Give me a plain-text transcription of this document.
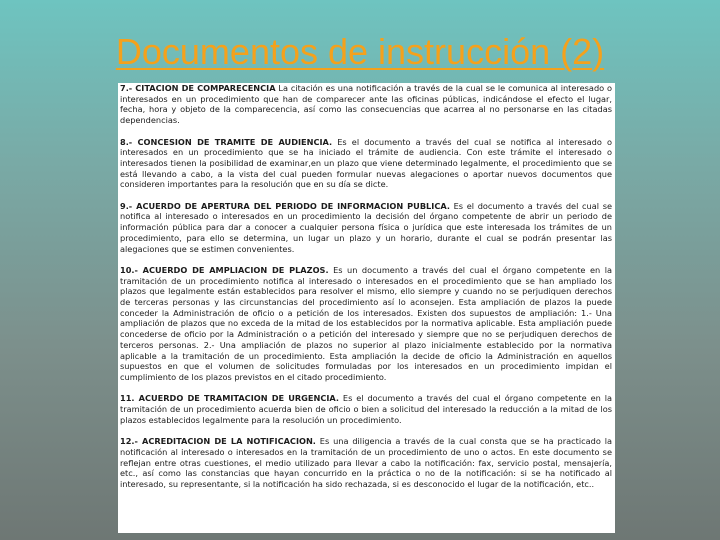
Documentos de instrucción (2)

7.- CITACION DE COMPARECENCIA La citación es una notificación a través de la cual se le comunica al interesado o interesados en un procedimiento que han de comparecer ante las oficinas públicas, indicándose el efecto el lugar, fecha, hora y objeto de la comparecencia, así como las consecuencias que acarrea al no personarse en las citadas dependencias.

8.- CONCESION DE TRAMITE DE AUDIENCIA. Es el documento a través del cual se notifica al interesado o interesados en un procedimiento que se ha iniciado el trámite de audiencia. Con este trámite el interesado o interesados tienen la posibilidad de examinar,en un plazo que viene determinado legalmente, el procedimiento que se está llevando a cabo, a la vista del cual pueden formular nuevas alegaciones o aportar nuevos documentos que consideren importantes para la resolución que en su día se dicte.

9.- ACUERDO DE APERTURA DEL PERIODO DE INFORMACION PUBLICA. Es el documento a través del cual se notifica al interesado o interesados en un procedimiento la decisión del órgano competente de abrir un periodo de información pública para dar a conocer a cualquier persona física o jurídica que este interesada los trámites de un procedimiento, para ello se determina, un lugar un plazo y un horario, durante el cual se podrán presentar las alegaciones que se estimen convenientes.

10.- ACUERDO DE AMPLIACION DE PLAZOS. Es un documento a través del cual el órgano competente en la tramitación de un procedimiento notifica al interesado o interesados en el procedimiento que se han ampliado los plazos que legalmente están establecidos para resolver el mismo, ello siempre y cuando no se perjudiquen derechos de terceras personas y las circunstancias del procedimiento así lo aconsejen. Esta ampliación de plazos la puede conceder la Administración de oficio o a petición de los interesados. Existen dos supuestos de ampliación: 1.- Una ampliación de plazos que no exceda de la mitad de los establecidos por la normativa aplicable. Esta ampliación puede concederse de oficio por la Administración o a petición del interesado y siempre que no se perjudiquen derechos de terceros personas. 2.- Una ampliación de plazos no superior al plazo inicialmente establecido por la normativa aplicable a la tramitación de un procedimiento. Esta ampliación la decide de oficio la Administración en aquellos supuestos en que el volumen de solicitudes formuladas por los interesados en un procedimiento impidan el cumplimiento de los plazos previstos en el citado procedimiento.

11. ACUERDO DE TRAMITACION DE URGENCIA. Es el documento a través del cual el órgano competente en la tramitación de un procedimiento acuerda bien de oficio o bien a solicitud del interesado la reducción a la mitad de los plazos establecidos legalmente para la resolución un procedimiento.

12.- ACREDITACION DE LA NOTIFICACION. Es una diligencia a través de la cual consta que se ha practicado la notificación al interesado o interesados en la tramitación de un procedimiento de uno o actos. En este documento se reflejan entre otras cuestiones, el medio utilizado para llevar a cabo la notificación: fax, servicio postal, mensajería, etc., así como las constancias que hayan concurrido en la práctica o no de la notificación: si se ha notificado al interesado, su representante, si la notificación ha sido rechazada, si es desconocido el lugar de la notificación, etc..
